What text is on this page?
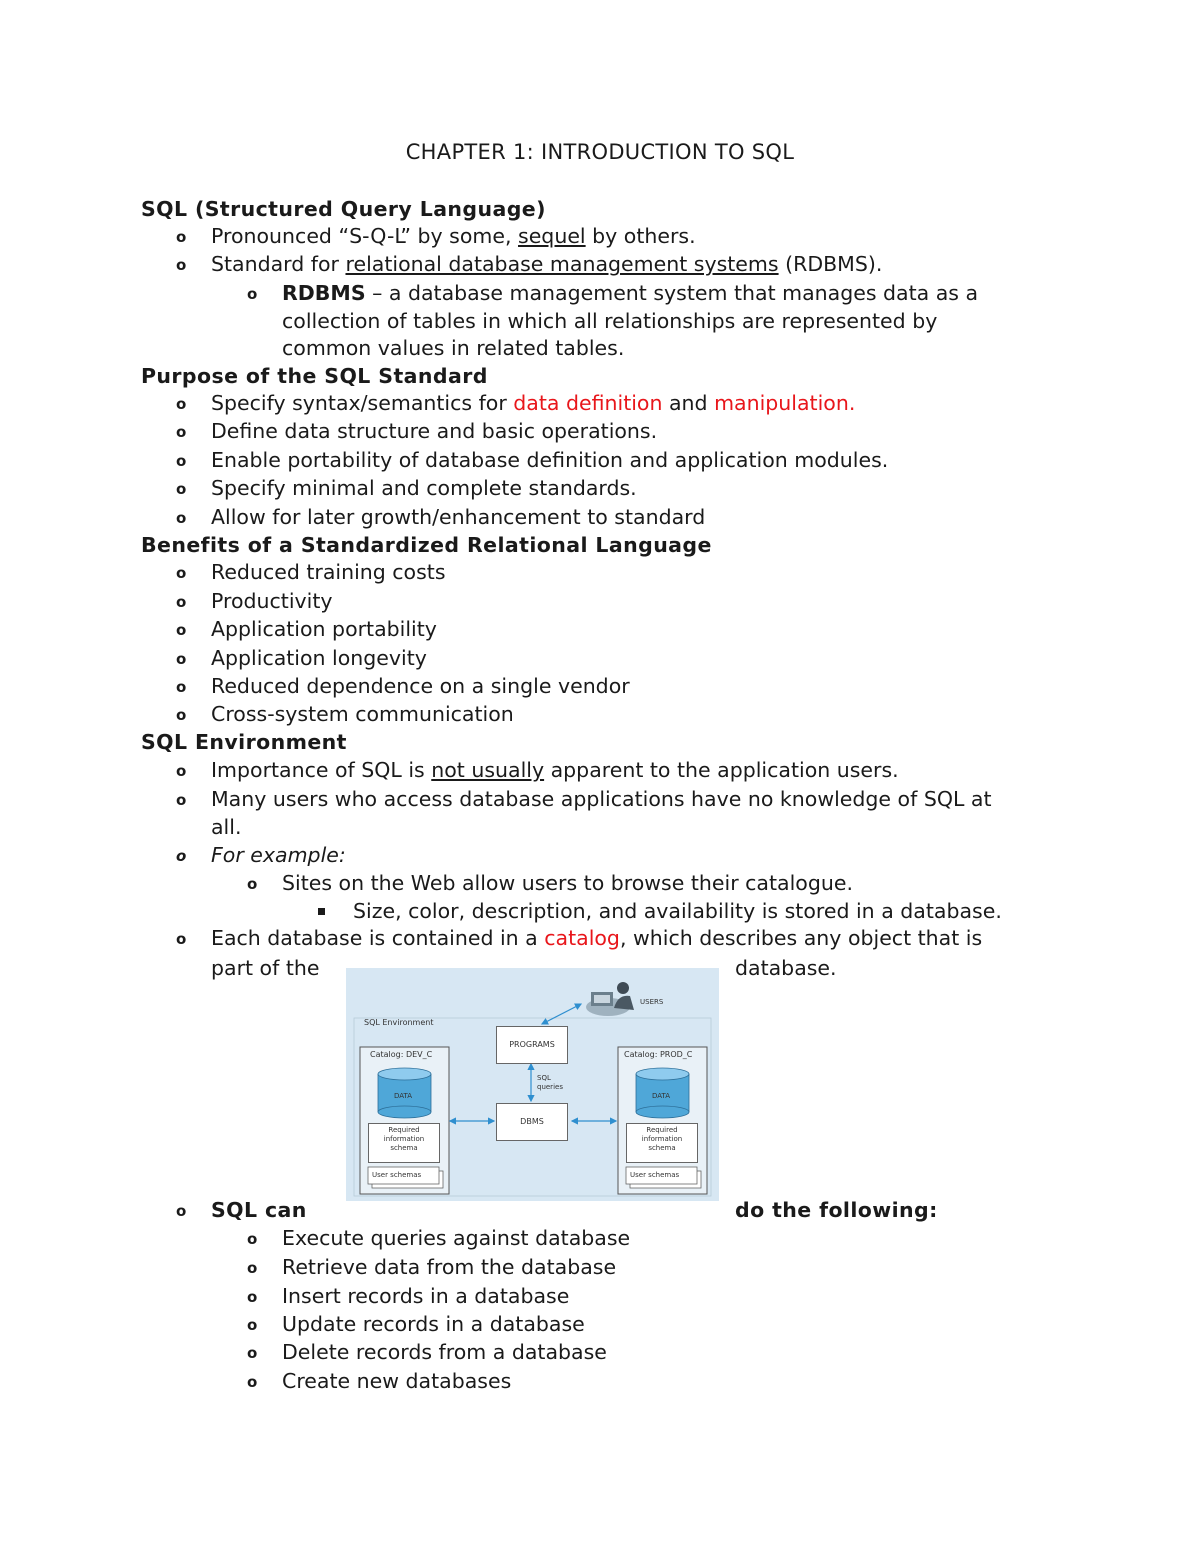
CHAPTER 1: INTRODUCTION TO SQL
SQL (Structured Query Language)
o Pronounced “S-Q-L” by some, sequel by others.
o Standard for relational database management systems (RDBMS).
o RDBMS – a database management system that manages data as a
collection of tables in which all relationships are represented by
common values in related tables.
Purpose of the SQL Standard
o Specify syntax/semantics for data definition and manipulation.
o Define data structure and basic operations.
o Enable portability of database definition and application modules.
o Specify minimal and complete standards.
o Allow for later growth/enhancement to standard
Benefits of a Standardized Relational Language
o Reduced training costs
o Productivity
o Application portability
o Application longevity
o Reduced dependence on a single vendor
o Cross-system communication
SQL Environment
o Importance of SQL is not usually apparent to the application users.
o Many users who access database applications have no knowledge of SQL at
all.
o For example:
o Sites on the Web allow users to browse their catalogue.
Size, color, description, and availability is stored in a database.
o Each database is contained in a catalog, which describes any object that is
part of the	database.
SQL Environment
USERS
PROGRAMS
DBMS
SQL
queries
Catalog: DEV_C	Catalog: PROD_C
DATA	DATA
Required
information
schema
Required
information
schema
User schemas	User schemas
o SQL can	do the following:
o Execute queries against database
o Retrieve data from the database
o Insert records in a database
o Update records in a database
o Delete records from a database
o Create new databases
